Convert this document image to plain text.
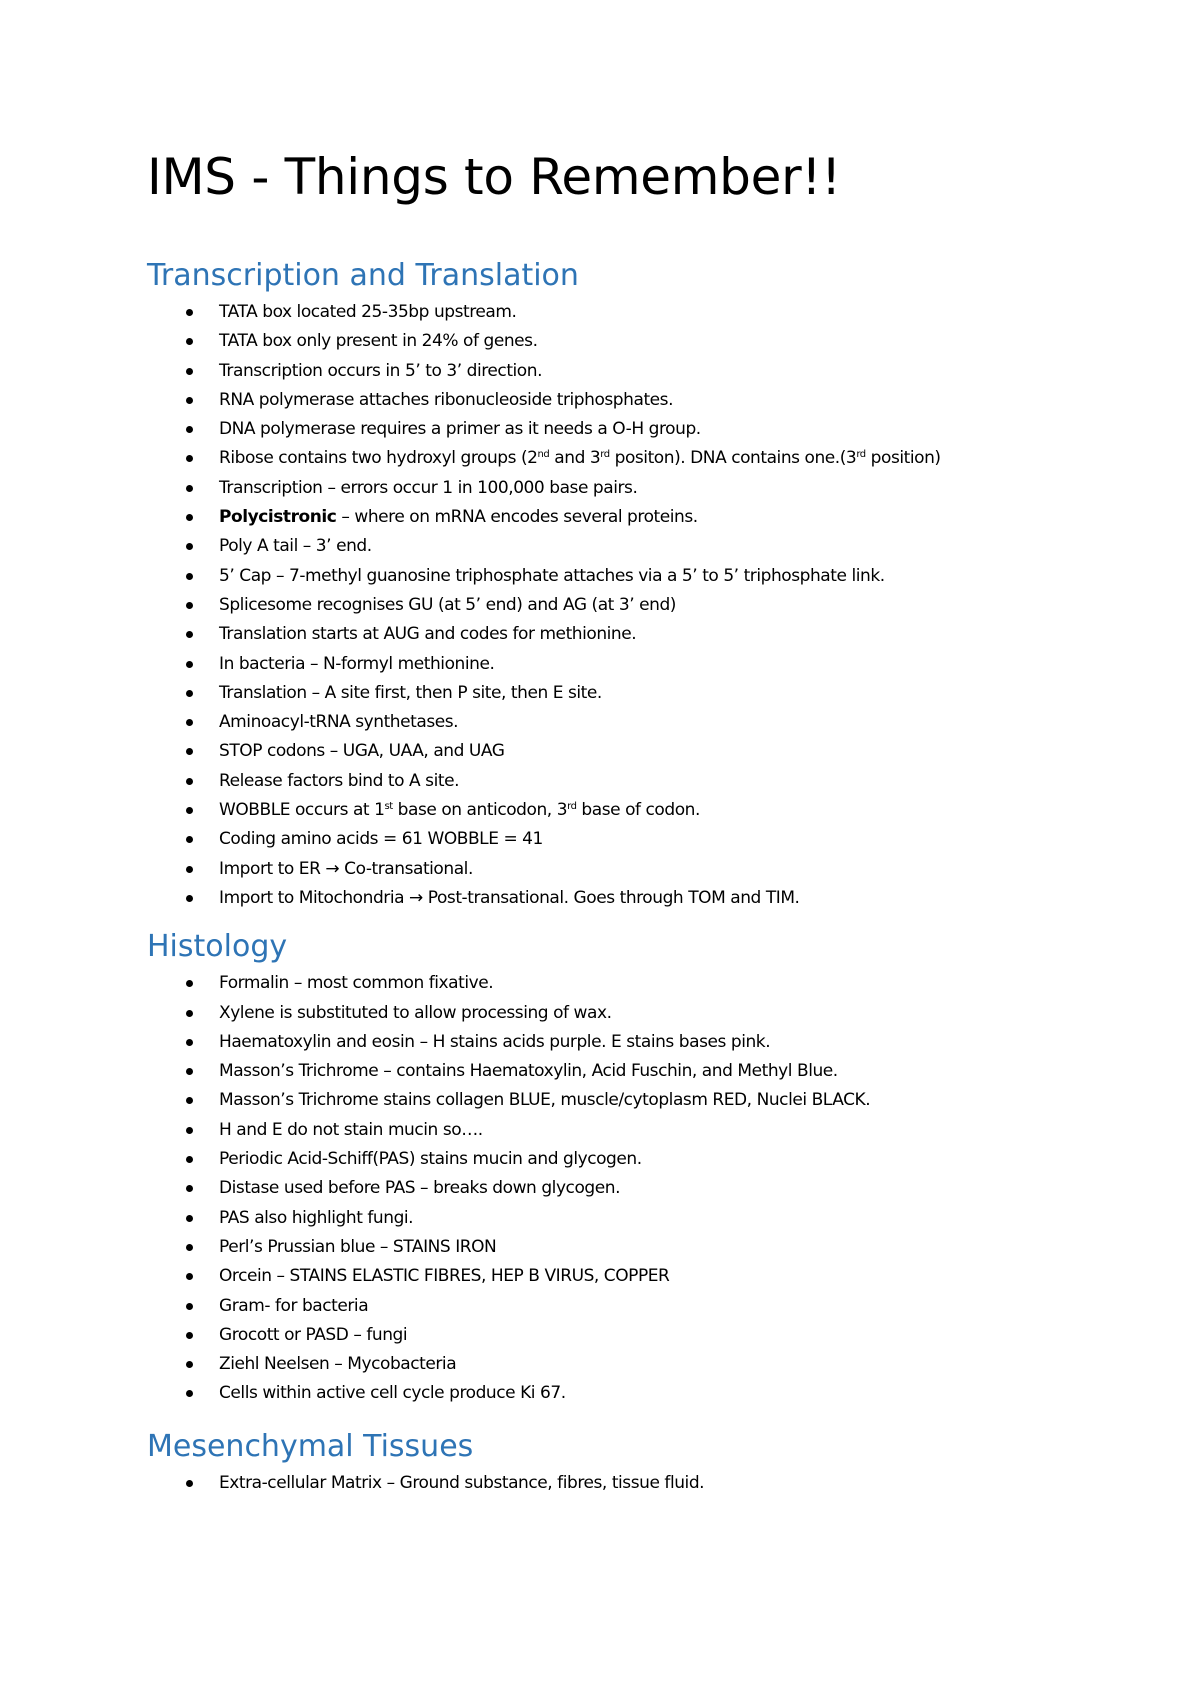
IMS - Things to Remember!!
Transcription and Translation
TATA box located 25-35bp upstream.
TATA box only present in 24% of genes.
Transcription occurs in 5’ to 3’ direction.
RNA polymerase attaches ribonucleoside triphosphates.
DNA polymerase requires a primer as it needs a O-H group.
Ribose contains two hydroxyl groups (2nd and 3rd positon). DNA contains one.(3rd position)
Transcription – errors occur 1 in 100,000 base pairs.
Polycistronic – where on mRNA encodes several proteins.
Poly A tail – 3’ end.
5’ Cap – 7-methyl guanosine triphosphate attaches via a 5’ to 5’ triphosphate link.
Splicesome recognises GU (at 5’ end) and AG (at 3’ end)
Translation starts at AUG and codes for methionine.
In bacteria – N-formyl methionine.
Translation – A site first, then P site, then E site.
Aminoacyl-tRNA synthetases.
STOP codons – UGA, UAA, and UAG
Release factors bind to A site.
WOBBLE occurs at 1st base on anticodon, 3rd base of codon.
Coding amino acids = 61 WOBBLE = 41
Import to ER → Co-transational.
Import to Mitochondria → Post-transational. Goes through TOM and TIM.
Histology
Formalin – most common fixative.
Xylene is substituted to allow processing of wax.
Haematoxylin and eosin – H stains acids purple. E stains bases pink.
Masson’s Trichrome – contains Haematoxylin, Acid Fuschin, and Methyl Blue.
Masson’s Trichrome stains collagen BLUE, muscle/cytoplasm RED, Nuclei BLACK.
H and E do not stain mucin so….
Periodic Acid-Schiff(PAS) stains mucin and glycogen.
Distase used before PAS – breaks down glycogen.
PAS also highlight fungi.
Perl’s Prussian blue – STAINS IRON
Orcein – STAINS ELASTIC FIBRES, HEP B VIRUS, COPPER
Gram- for bacteria
Grocott or PASD – fungi
Ziehl Neelsen – Mycobacteria
Cells within active cell cycle produce Ki 67.
Mesenchymal Tissues
Extra-cellular Matrix – Ground substance, fibres, tissue fluid.
